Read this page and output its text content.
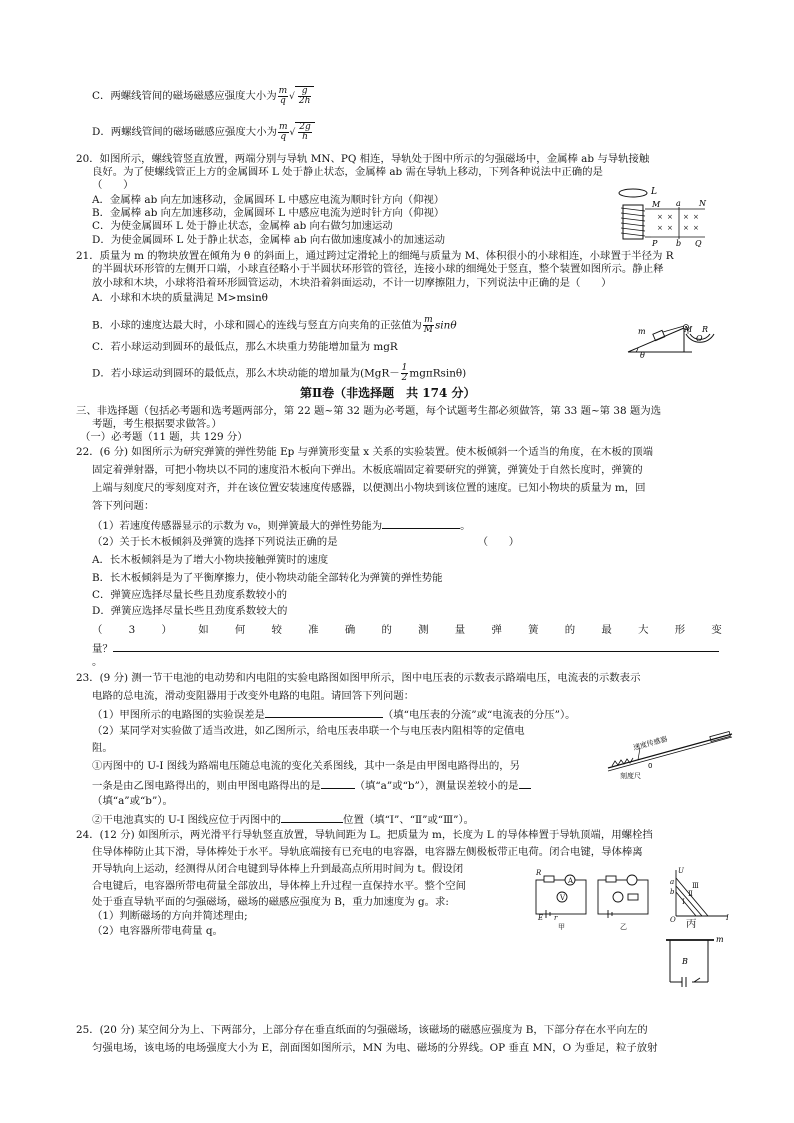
C．两螺线管间的磁场磁感应强度大小为 $\frac{m}{q}$ √ $\frac{g}{2h}$
D．两螺线管间的磁场磁感应强度大小为 $\frac{m}{q}$ √ $\frac{2g}{h}$
20．如图所示，螺线管竖直放置，两端分别与导轨 MN、PQ 相连，导轨处于图中所示的匀强磁场中，金属棒 ab 与导轨接触
良好。为了使螺线管正上方的金属圆环 L 处于静止状态，金属棒 ab 需在导轨上移动，下列各种说法中正确的是
（　　）
A．金属棒 ab 向左加速移动，金属圆环 L 中感应电流为顺时针方向（仰视）
B．金属棒 ab 向左加速移动，金属圆环 L 中感应电流为逆时针方向（仰视）
C．为使金属圆环 L 处于静止状态，金属棒 ab 向右做匀加速运动
D．为使金属圆环 L 处于静止状态，金属棒 ab 向右做加速度减小的加速运动
L
M a N
P b Q
× × × ×
× × × ×
21．质量为 m 的物块放置在倾角为 θ 的斜面上，通过跨过定滑轮上的细绳与质量为 M、体积很小的小球相连，小球置于半径为 R
的半圆状环形管的左侧开口端，小球直径略小于半圆状环形管的管径，连接小球的细绳处于竖直，整个装置如图所示。静止释
放小球和木块，小球将沿着环形圆管运动，木块沿着斜面运动，不计一切摩擦阻力，下列说法中正确的是（　　）
A．小球和木块的质量满足 M>msinθ
B．小球的速度达最大时，小球和圆心的连线与竖直方向夹角的正弦值为 $\frac{m}{M}$ sinθ
C．若小球运动到圆环的最低点，那么木块重力势能增加量为 mgR
D．若小球运动到圆环的最低点，那么木块动能的增加量为$(MgR- \frac{1}{2} mg\pi Rsin\theta)$
m	M R
O
θ
第Ⅱ卷（非选择题　共 174 分）
三、非选择题（包括必考题和选考题两部分，第 22 题~第 32 题为必考题，每个试题考生都必须做答，第 33 题~第 38 题为选
考题，考生根据要求做答。）
（一）必考题（11 题，共 129 分）
22．(6 分) 如图所示为研究弹簧的弹性势能 Ep 与弹簧形变量 x 关系的实验装置。使木板倾斜一个适当的角度，在木板的顶端
固定着弹射器，可把小物块以不同的速度沿木板向下弹出。木板底端固定着要研究的弹簧，弹簧处于自然长度时，弹簧的
上端与刻度尺的零刻度对齐，并在该位置安装速度传感器，以便测出小物块到该位置的速度。已知小物块的质量为 m，回
答下列问题：
（1）若速度传感器显示的示数为 v₀，则弹簧最大的弹性势能为	。
（2）关于长木板倾斜及弹簧的选择下列说法正确的是	（　　）
A．长木板倾斜是为了增大小物块接触弹簧时的速度
B．长木板倾斜是为了平衡摩擦力，使小物块动能全部转化为弹簧的弹性势能
C．弹簧应选择尽量长些且劲度系数较小的
D．弹簧应选择尽量长些且劲度系数较大的
（	3	）	如	何	较	准	确	的	测	量	弹	簧	的	最	大	形	变
量？
。
23．(9 分) 测一节干电池的电动势和内电阻的实验电路图如图甲所示，图中电压表的示数表示路端电压，电流表的示数表示
电路的总电流，滑动变阻器用于改变外电路的电阻。请回答下列问题：
（1）甲图所示的电路图的实验误差是	（填“电压表的分流”或“电流表的分压”）。
（2）某同学对实验做了适当改进，如乙图所示，给电压表串联一个与电压表内阻相等的定值电
阻。
①丙图中的 U-I 图线为路端电压随总电流的变化关系图线，其中一条是由甲图电路得出的，另
一条是由乙图电路得出的，则由甲图电路得出的是	（填“a”或“b”），测量误差较小的是
（填“a”或“b”）。
②干电池真实的 U-I 图线应位于丙图中的	位置（填“Ⅰ”、“Ⅱ”或“Ⅲ”）。
速度传感器
刻度尺
0
24．(12 分) 如图所示，两光滑平行导轨竖直放置，导轨间距为 L。把质量为 m，长度为 L 的导体棒置于导轨顶端，用螺栓挡
住导体棒防止其下滑，导体棒处于水平。导轨底端接有已充电的电容器，电容器左侧极板带正电荷。闭合电键，导体棒离
开导轨向上运动，经测得从闭合电键到导体棒上升到最高点所用时间为 t。假设闭
合电键后，电容器所带电荷量全部放出，导体棒上升过程一直保持水平。整个空间
处于垂直导轨平面的匀强磁场，磁场的磁感应强度为 B，重力加速度为 g。求:
（1）判断磁场的方向并简述理由;
（2）电容器所带电荷量 q。
R
A
V
E r
甲	乙
U
Ⅲ
Ⅱ
Ⅰ
a
b
O	I
丙
m
B
25．(20 分) 某空间分为上、下两部分，上部分存在垂直纸面的匀强磁场，该磁场的磁感应强度为 B，下部分存在水平向左的
匀强电场，该电场的电场强度大小为 E，剖面图如图所示，MN 为电、磁场的分界线。OP 垂直 MN，O 为垂足，粒子放射
